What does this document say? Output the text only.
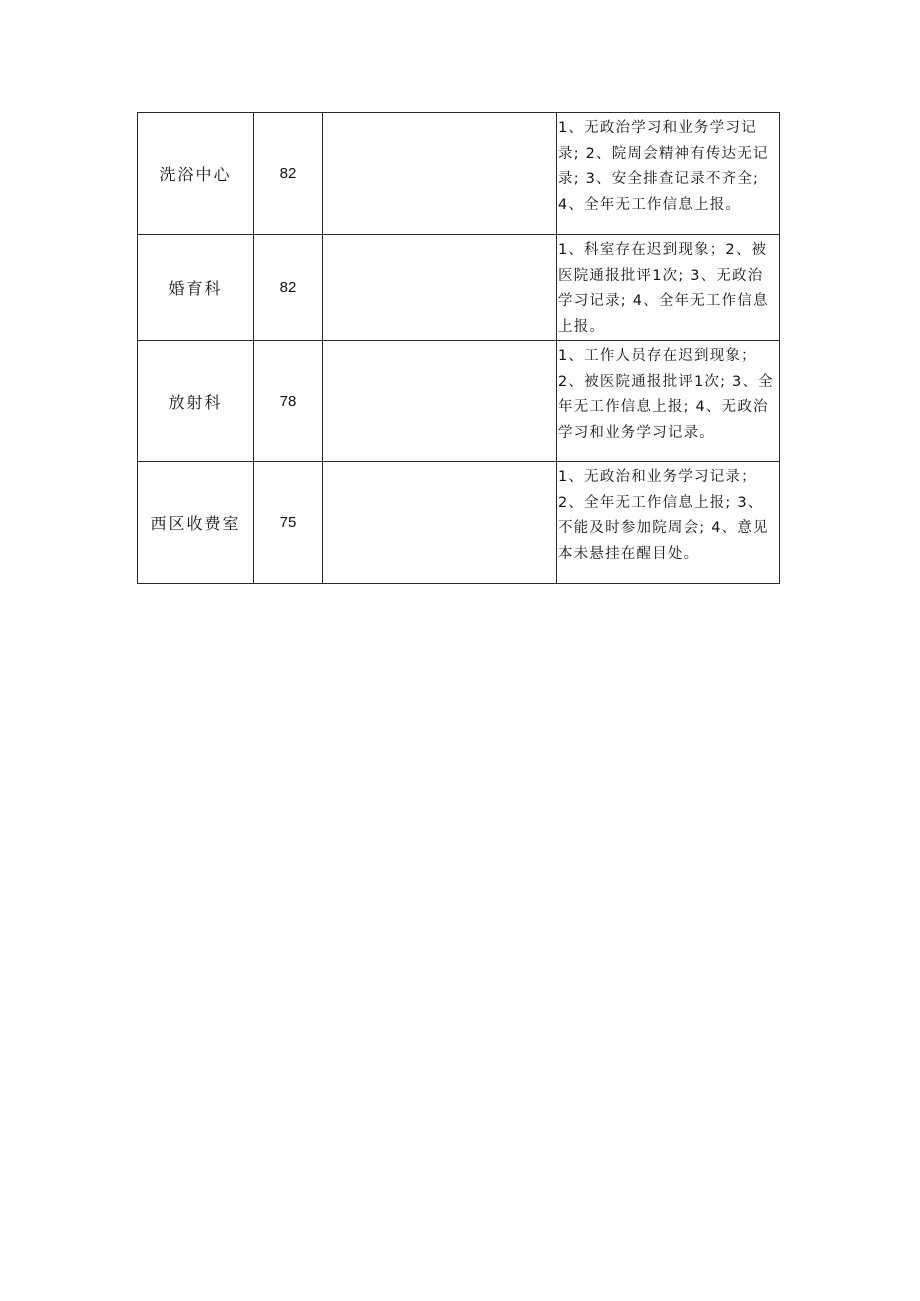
洗浴中心	82		1、无政治学习和业务学习记录; 2、院周会精神有传达无记录; 3、安全排查记录不齐全; 4、全年无工作信息上报。
婚育科	82		1、科室存在迟到现象；2、被医院通报批评1次; 3、无政治学习记录; 4、全年无工作信息上报。
放射科	78		1、工作人员存在迟到现象；2、被医院通报批评1次; 3、全年无工作信息上报; 4、无政治学习和业务学习记录。
西区收费室	75		1、无政治和业务学习记录；2、全年无工作信息上报; 3、不能及时参加院周会; 4、意见本未悬挂在醒目处。
